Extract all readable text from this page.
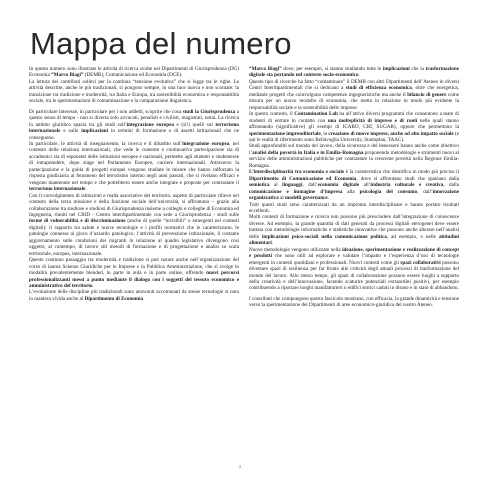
Mappa del numero

In questo numero sono illustrate le attività di ricerca svolte nei Dipartimenti di Giurisprudenza (DG) Economia “Marco Biagi” (DEMB), Comunicazione ed Economia (DCE).

La lettura dei contributi sollevi per la continua “tensione evolutiva” che si legge tra le righe. Le attività descritte, anche le più tradizionali, si pongono sempre, in una luce nuova e non scontate: la transizione tra tradizione e modernità, tra Italia e Europa, tra sostenibilità economica e responsabilità sociale, tra le sperimentazioni di contaminazione e la comparazione linguistica.

Di particolare interesse, in particolare per i non addetti, scoprire che cosa studi la Giurisprudenza a questo senso di tempo - non si diverta solo avvocati, penalisti e civilisti, magistrati, notai. La ricerca in ambito giuridico spazia tra gli studi sull’integrazione europea e (sì!) quelli sul terrorismo internazionale e sulle implicazioni in termini di formazione e di assetti istituzionali che ne conseguono.

In particolare, le attività di insegnamento, la ricerca e il dibattito sull’integrazione europea, nel contesto delle relazioni internazionali, che vede le contente e continuativa partecipazione sia di accademici sia di esponenti delle istituzioni europee e nazionali, permette agli studenti e studentesse di intraprendere, dopo stage nel Parlamento Europeo, carriere internazionali. Attraverso la partecipazione e la guida di progetti europei vengono studiate le misure che hanno rafforzato la risposta giudiziaria al fenomeno del terrorismo interno negli anni passati, che si rivelano efficaci e vengono mantenute nel tempo e che potrebbero essere anche integrate e proposte per contrastare il terrorismo internazionale.

Con il convolgimento di istituzioni e realtà associative del territorio, aspetto di particolare rilievo nel contesto della terza missione e della funzione sociale dell’università, si affrontano – grazie alla collaborazione tra studiose e studiosi di Giurisprudenza insieme a colleghi e colleghe di Economia ed Ingegneria, riuniti nel CRID - Centro interdipartimentale con sede a Giurisprudenza - studi sulle forme di vulnerabilità e di discriminazione (anche di quelle “invisibili” o emergenti nei contesti digitali): il rapporto tra salute e nuove tecnologie e i profili normativi che le caratterizzano, le patologie connesse al gioco d’azzardo patologico, l’attività di prevenzione istituzionale, il costante aggiornamento sulle condizioni dei migranti in relazione al quadro legislativo divengono così oggetto, al contempo, di lavoro stil metodi di formazione e di progettazione e analisi su scala territoriale, europea, internazionale.

Questo continuo passaggio tra modernità e tradizione si può notare anche nell’organizzazione del corso di laurea Scienze Giuridiche per le Imprese e la Pubblica Amministrazione, che si svolge in modalità prevalentemente blended, in parte in aula e in parte online, offrendo nuovi percorsi professionalizzanti messi a punto mediante il dialogo con i soggetti del tessuto economico e amministrativo del territorio.

L’evoluzione delle discipline più tradizionali sono anzwonti accomunati da stesse tecnologie si nota in maniera vivida anche al Dipartimento di Economia

“Marco Biagi” dove, per esempio, si stanno studiando tutte le implicazioni che la trasformazione digitale sta portando nel contesto socio-economico.

Questo tipo di ricerche ha fatto “contaminare” il DEMB con altri Dipartimenti dell’Ateneo in diversi Centri Interdipartimentali che si dedicano a studi di efficienza economica, oltre che energetica, mediante progetti che coinvolgono competenze ingegneristiche ma anche il bilancio di genere come misura per un nuovo modello di economia, che metta in relazione in modo più evidente la responsabilità sociale e la sostenibilità delle imprese.

In questo contesto, il Contamination Lab ha all’attivo diversi programmi che consentono a team di studenti di entrare in contatto con una molteplicità di imprese e di ruoli nelle quali stanno affrontando (significative) gli esempi di ICARO, CRI, SUGAR), oppure che permettono la sperimentazione imprenditoriale, la creazione di nuove imprese, anche ad alto impatto sociale (e qui le realtà di riferimento sono Bellavoglia University, Startuplan, TAAC).

Studi approfonditi sul mondo del lavoro, della sicurezza e del benessere hanno anche come obiettivo l’analisi della povertà in Italia e in Emilia-Romagna proponendo metodologie e strumenti nuovi al servizio delle amministrazioni pubbliche per contrastare la crescente povertà nella Regione Emilia-Romagna.

L’interdisciplinarità tra economia e sociale è la caratteristica che identifica in modo più preciso il Dipartimento di Comunicazione ed Economia, dove si affrontano studi che spaziano dalla semiotica al linguaggi, dall’economia digitale all’industria culturale e creativa, dalla comunicazione e immagine d’impresa alla psicologia del consumo, dall’innovazione organizzativa al modelli governance.

Tutti questi studi sono caratterizzati da un impronta interdisciplinare e hanno portato risultati eccellenti.

Molti contesti di formazione e ricerca non possono più prescindere dall’integrazione di conoscenze diverse. Ad esempio, la grande quantità di dati generati da processi digitali eterogenei deve essere trattata con metodologie informatiche e statistiche innovative che possono anche alterare nell’analisi delle implicazioni psico-sociali nella comunicazione politica, ad esempio, o nelle abitudini alimentari.

Nuove metodologie vengono utilizzate nella ideazione, sperimentazione e realizzazione di concept e prodotti che sono utili ad esplorare e valutare l’impatto e l’esperienza d’uso di tecnologie emergenti in contesti quotidiani e professionali. Nuovi contesti come gli spazi collaborativi possono diventare spazi di resilienza per far fronte alle criticità degli attuali processi di trasformazione del mondo del lavoro. Allo stesso tempo, gli spazi di collaborazione possono essere luoghi a supporto della creatività e dell’innovazione, facendo scaturire potenziali extraordini positivi, per esempio contribuendo a riportare luoghi manifatturieri o edifici storici caduti in disuso e in stato di abbandono.

I contributi che compongono questo fascicolo mostrano, con efficacia, la grande dinamicità e tensione verso la sperimentazione dei Dipartimenti di aree economico-giuridica del nostro Ateneo.

2
